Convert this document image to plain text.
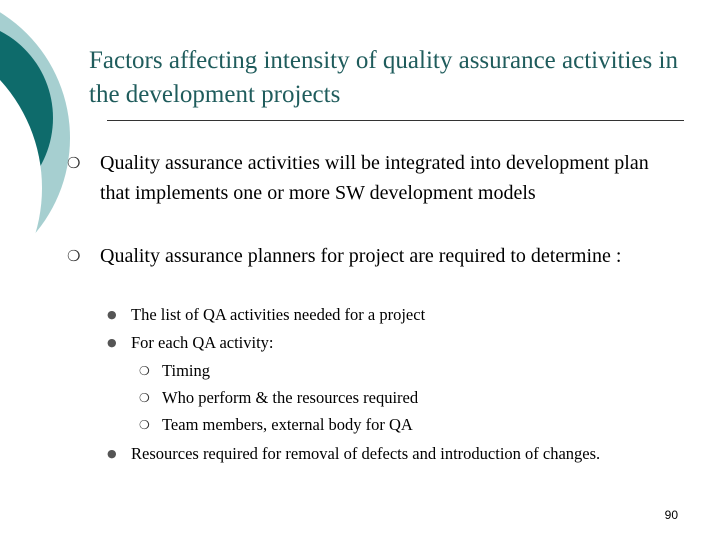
Factors affecting intensity of quality assurance activities in the development projects
❍ Quality assurance activities will be integrated into development plan that implements one or more SW development models
❍ Quality assurance planners for project are required to determine :
● The list of QA activities needed for a project
● For each QA activity:
❍ Timing
❍ Who perform & the resources required
❍ Team members, external body for QA
● Resources required for removal of defects and introduction of changes.
90
